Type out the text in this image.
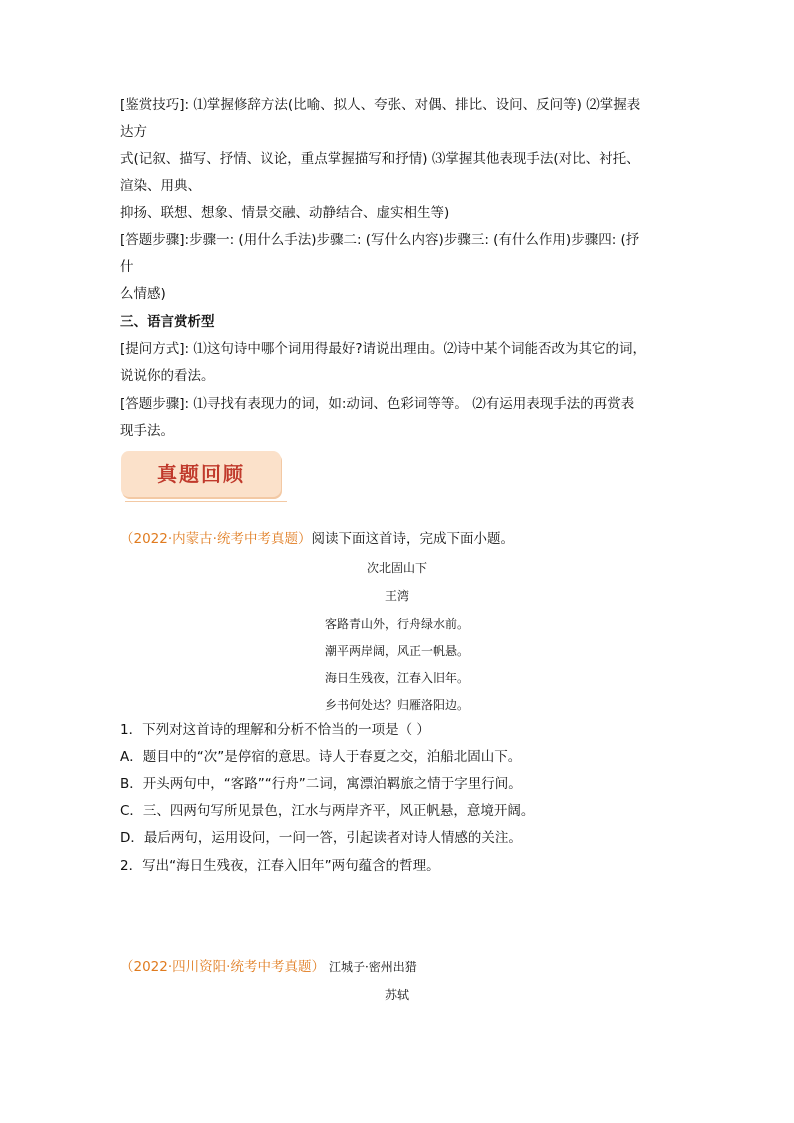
[鉴赏技巧]: ⑴掌握修辞方法(比喻、拟人、夸张、对偶、排比、设问、反问等) ⑵掌握表
达方
式(记叙、描写、抒情、议论，重点掌握描写和抒情) ⑶掌握其他表现手法(对比、衬托、
渲染、用典、
抑扬、联想、想象、情景交融、动静结合、虚实相生等)
[答题步骤]:步骤一: (用什么手法)步骤二: (写什么内容)步骤三: (有什么作用)步骤四: (抒
什
么情感)
三、语言赏析型
[提问方式]: ⑴这句诗中哪个词用得最好?请说出理由。⑵诗中某个词能否改为其它的词，
说说你的看法。
[答题步骤]: ⑴寻找有表现力的词，如:动词、色彩词等等。 ⑵有运用表现手法的再赏表
现手法。
真题回顾
（2022·内蒙古·统考中考真题）阅读下面这首诗，完成下面小题。
次北固山下
王湾
客路青山外，行舟绿水前。
潮平两岸阔，风正一帆悬。
海日生残夜，江春入旧年。
乡书何处达？归雁洛阳边。
1．下列对这首诗的理解和分析不恰当的一项是（ ）
A．题目中的“次”是停宿的意思。诗人于春夏之交，泊船北固山下。
B．开头两句中，“客路”“行舟”二词，寓漂泊羁旅之情于字里行间。
C．三、四两句写所见景色，江水与两岸齐平，风正帆悬，意境开阔。
D．最后两句，运用设问，一问一答，引起读者对诗人情感的关注。
2．写出“海日生残夜，江春入旧年”两句蕴含的哲理。
（2022·四川资阳·统考中考真题） 江城子·密州出猎
苏轼
